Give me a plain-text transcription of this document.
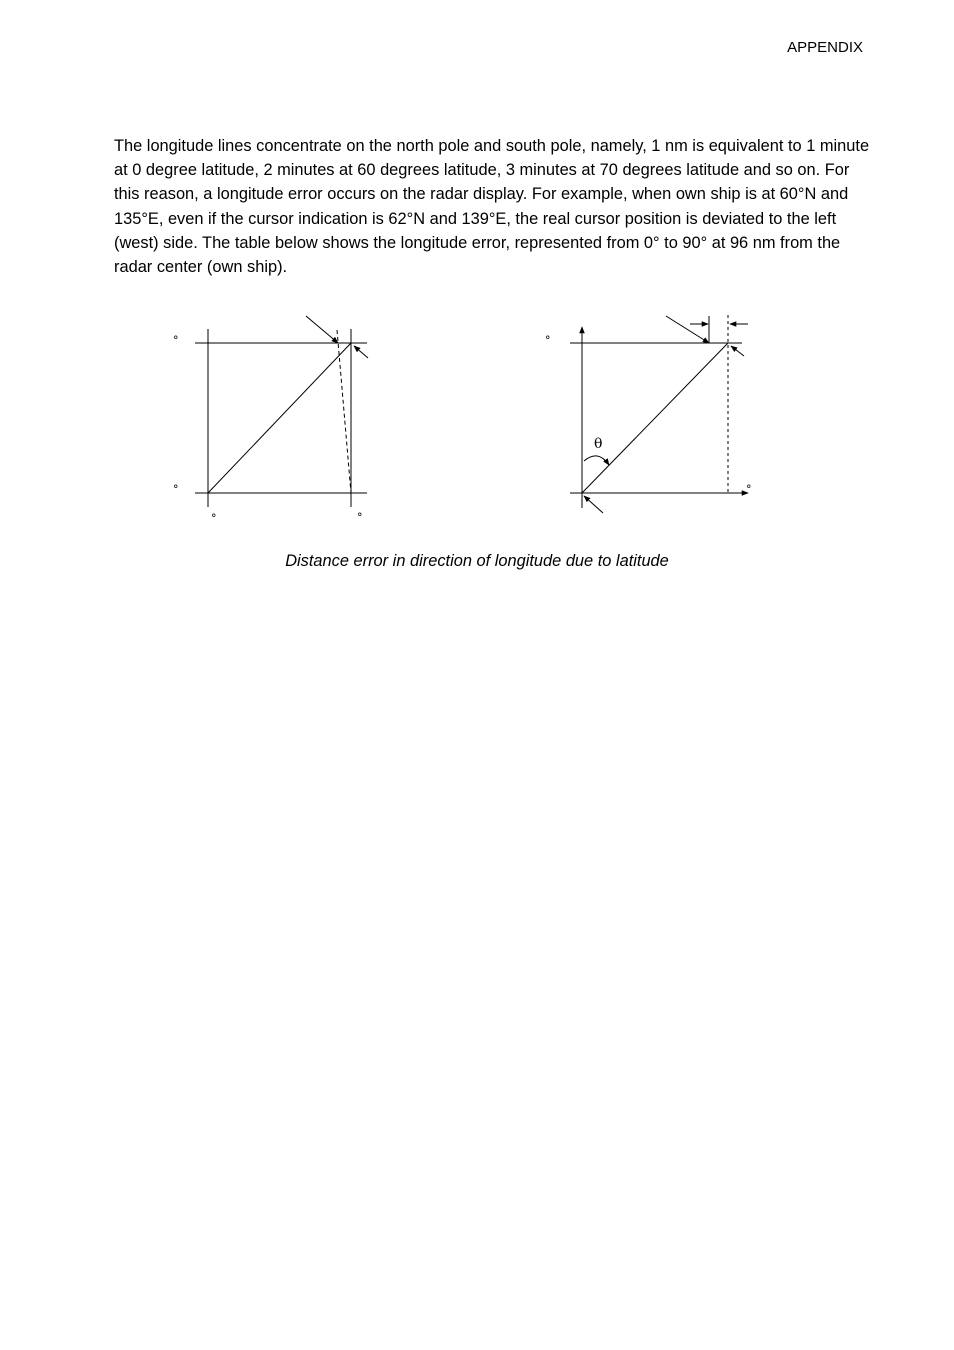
APPENDIX

The longitude lines concentrate on the north pole and south pole, namely, 1 nm is equivalent to 1 minute at 0 degree latitude, 2 minutes at 60 degrees latitude, 3 minutes at 70 degrees latitude and so on. For this reason, a longitude error occurs on the radar display. For example, when own ship is at 60°N and 135°E, even if the cursor indication is 62°N and 139°E, the real cursor position is deviated to the left (west) side. The table below shows the longitude error, represented from 0° to 90° at 96 nm from the radar center (own ship).

°
°
°	°
θ
°
°
Distance error in direction of longitude due to latitude
